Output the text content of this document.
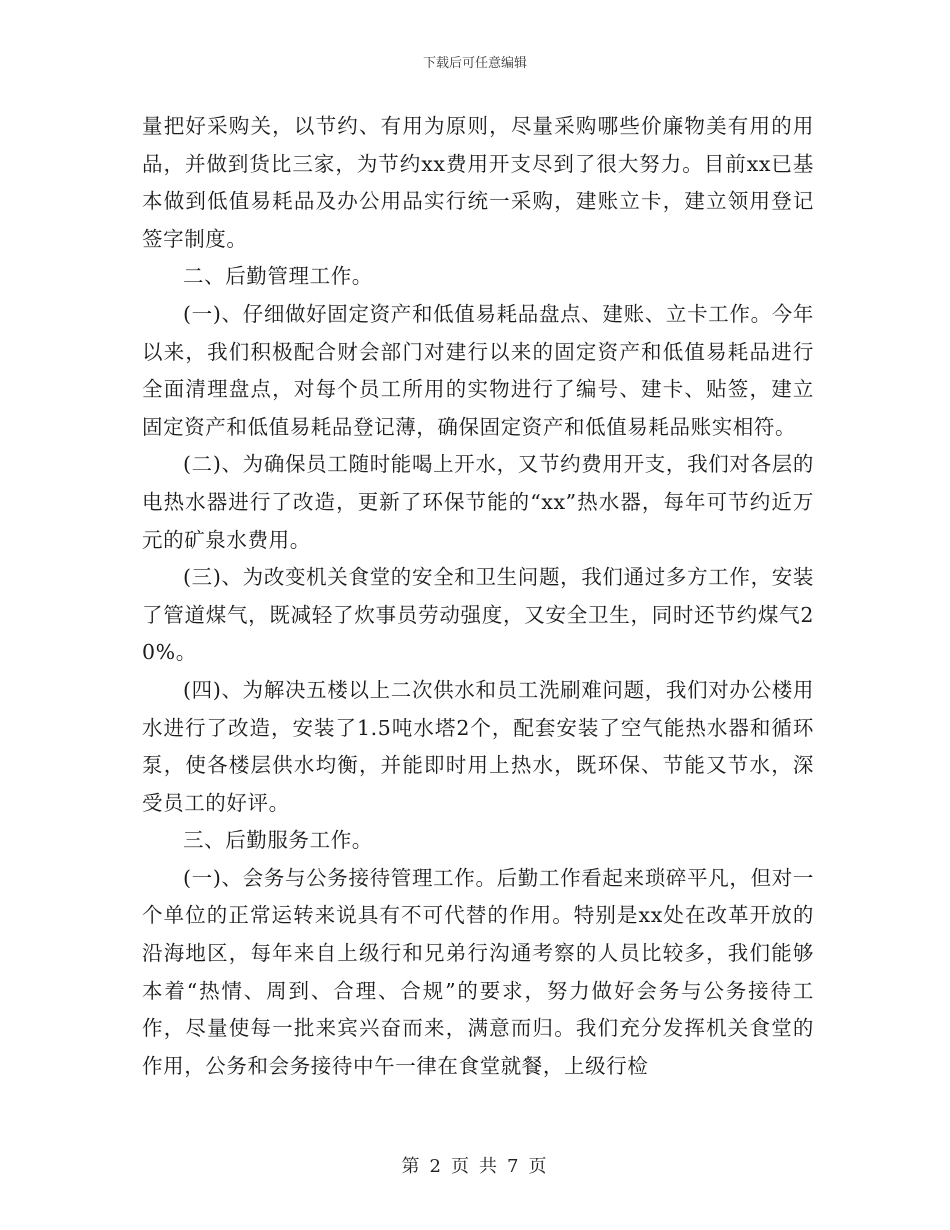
下载后可任意编辑

量把好采购关，以节约、有用为原则，尽量采购哪些价廉物美有用的用品，并做到货比三家，为节约xx费用开支尽到了很大努力。目前xx已基本做到低值易耗品及办公用品实行统一采购，建账立卡，建立领用登记签字制度。

二、后勤管理工作。

(一)、仔细做好固定资产和低值易耗品盘点、建账、立卡工作。今年以来，我们积极配合财会部门对建行以来的固定资产和低值易耗品进行全面清理盘点，对每个员工所用的实物进行了编号、建卡、贴签，建立固定资产和低值易耗品登记薄，确保固定资产和低值易耗品账实相符。

(二)、为确保员工随时能喝上开水，又节约费用开支，我们对各层的电热水器进行了改造，更新了环保节能的“xx”热水器，每年可节约近万元的矿泉水费用。

(三)、为改变机关食堂的安全和卫生问题，我们通过多方工作，安装了管道煤气，既减轻了炊事员劳动强度，又安全卫生，同时还节约煤气20%。

(四)、为解决五楼以上二次供水和员工洗刷难问题，我们对办公楼用水进行了改造，安装了1.5吨水塔2个，配套安装了空气能热水器和循环泵，使各楼层供水均衡，并能即时用上热水，既环保、节能又节水，深受员工的好评。

三、后勤服务工作。

(一)、会务与公务接待管理工作。后勤工作看起来琐碎平凡，但对一个单位的正常运转来说具有不可代替的作用。特别是xx处在改革开放的沿海地区，每年来自上级行和兄弟行沟通考察的人员比较多，我们能够本着“热情、周到、合理、合规”的要求，努力做好会务与公务接待工作，尽量使每一批来宾兴奋而来，满意而归。我们充分发挥机关食堂的作用，公务和会务接待中午一律在食堂就餐，上级行检

第 2 页 共 7 页
